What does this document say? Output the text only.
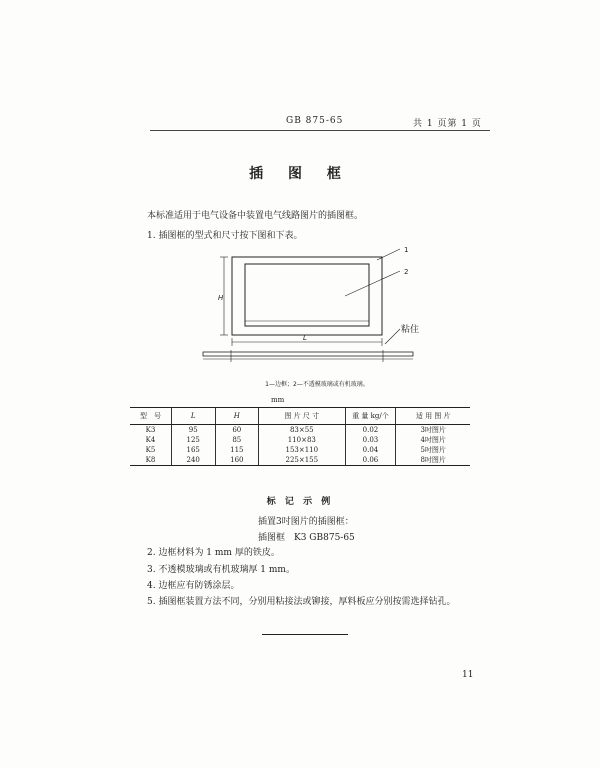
GB 875-65	共 1 页第 1 页
插 图 框
本标准适用于电气设备中装置电气线路图片的插图框。
1. 插图框的型式和尺寸按下图和下表。
1
2
H
L
粘住
1—边框；2—不透模玻璃或有机玻璃。
mm
型　号	L	H	图 片 尺 寸	重 量 kg/个	适 用 图 片
K3	95	60	83×55	0.02	3吋图片
K4	125	85	110×83	0.03	4吋图片
K5	165	115	153×110	0.04	5吋图片
K8	240	160	225×155	0.06	8吋图片
标 记 示 例
插置3吋图片的插图框：
插图框　K3 GB875-65
2. 边框材料为 1 mm 厚的铁皮。
3. 不透模玻璃或有机玻璃厚 1 mm。
4. 边框应有防锈涂层。
5. 插图框装置方法不同，分别用粘接法或铆接，厚料板应分别按需选择钻孔。
11
